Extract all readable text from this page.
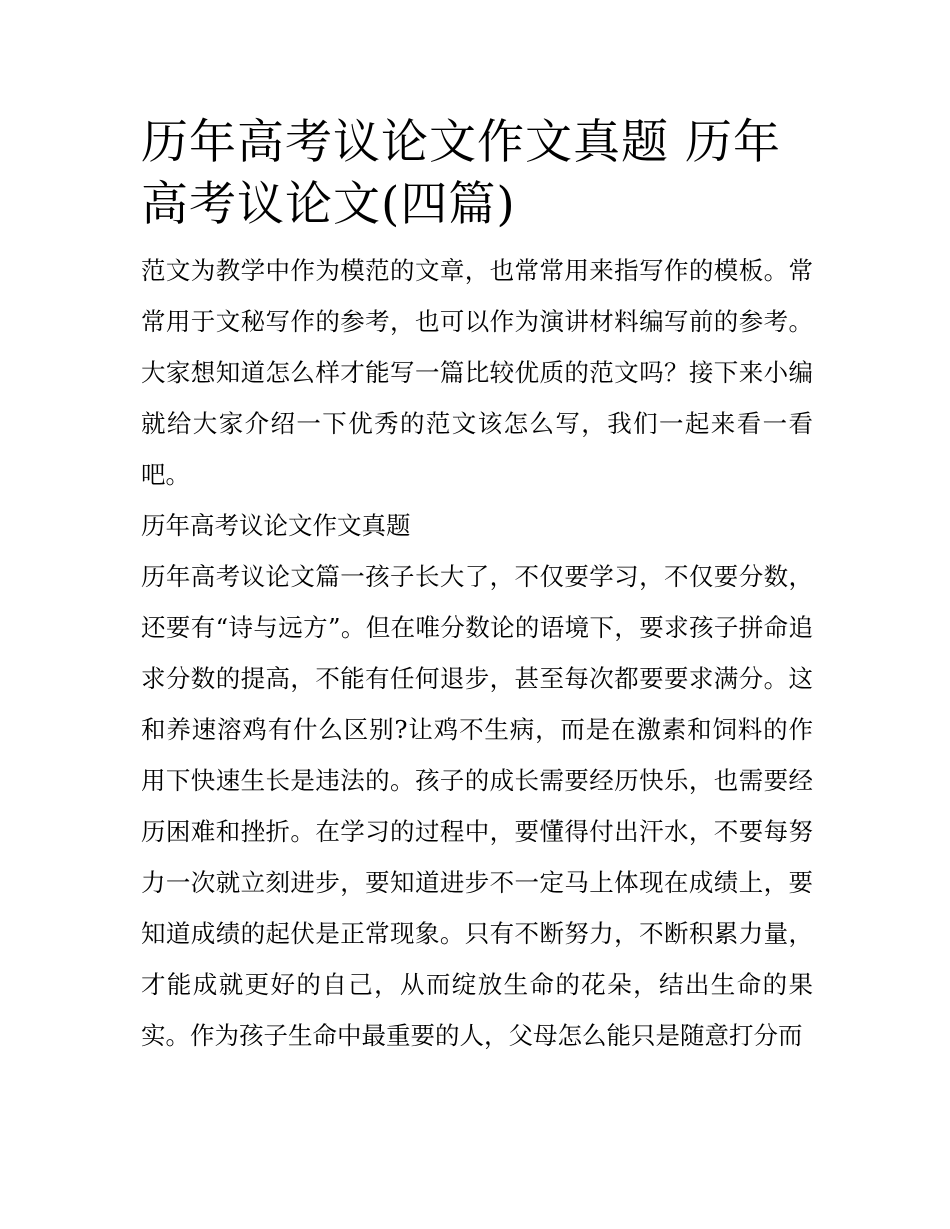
历年高考议论文作文真题 历年高考议论文(四篇)

范文为教学中作为模范的文章，也常常用来指写作的模板。常常用于文秘写作的参考，也可以作为演讲材料编写前的参考。大家想知道怎么样才能写一篇比较优质的范文吗？接下来小编就给大家介绍一下优秀的范文该怎么写，我们一起来看一看吧。

历年高考议论文作文真题

历年高考议论文篇一孩子长大了，不仅要学习，不仅要分数，还要有“诗与远方”。但在唯分数论的语境下，要求孩子拼命追求分数的提高，不能有任何退步，甚至每次都要要求满分。这和养速溶鸡有什么区别?让鸡不生病，而是在激素和饲料的作用下快速生长是违法的。孩子的成长需要经历快乐，也需要经历困难和挫折。在学习的过程中，要懂得付出汗水，不要每努力一次就立刻进步，要知道进步不一定马上体现在成绩上，要知道成绩的起伏是正常现象。只有不断努力，不断积累力量，才能成就更好的自己，从而绽放生命的花朵，结出生命的果实。作为孩子生命中最重要的人，父母怎么能只是随意打分而
